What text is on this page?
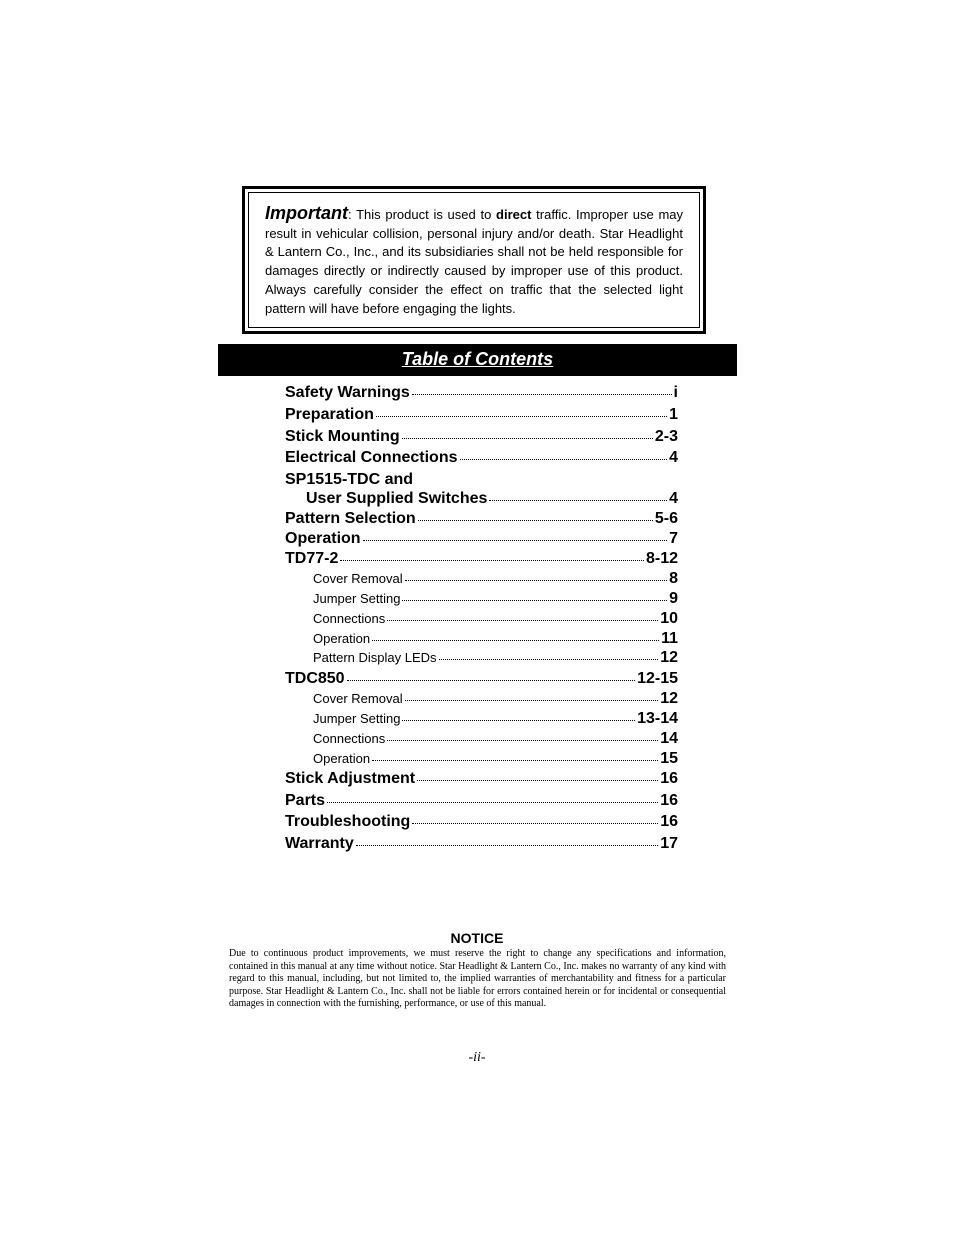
Important: This product is used to direct traffic. Improper use may result in vehicular collision, personal injury and/or death. Star Headlight & Lantern Co., Inc., and its subsidiaries shall not be held responsible for damages directly or indirectly caused by improper use of this product. Always carefully consider the effect on traffic that the selected light pattern will have before engaging the lights.
Table of Contents
Safety Warnings	i
Preparation	1
Stick Mounting	2-3
Electrical Connections	4
SP1515-TDC and
User Supplied Switches	4
Pattern Selection	5-6
Operation	7
TD77-2	8-12
Cover Removal	8
Jumper Setting	9
Connections	10
Operation	11
Pattern Display LEDs	12
TDC850	12-15
Cover Removal	12
Jumper Setting	13-14
Connections	14
Operation	15
Stick Adjustment	16
Parts	16
Troubleshooting	16
Warranty	17
NOTICE
Due to continuous product improvements, we must reserve the right to change any specifications and information, contained in this manual at any time without notice. Star Headlight & Lantern Co., Inc. makes no warranty of any kind with regard to this manual, including, but not limited to, the implied warranties of merchantability and fitness for a particular purpose. Star Headlight & Lantern Co., Inc. shall not be liable for errors contained herein or for incidental or consequential damages in connection with the furnishing, performance, or use of this manual.
-ii-
